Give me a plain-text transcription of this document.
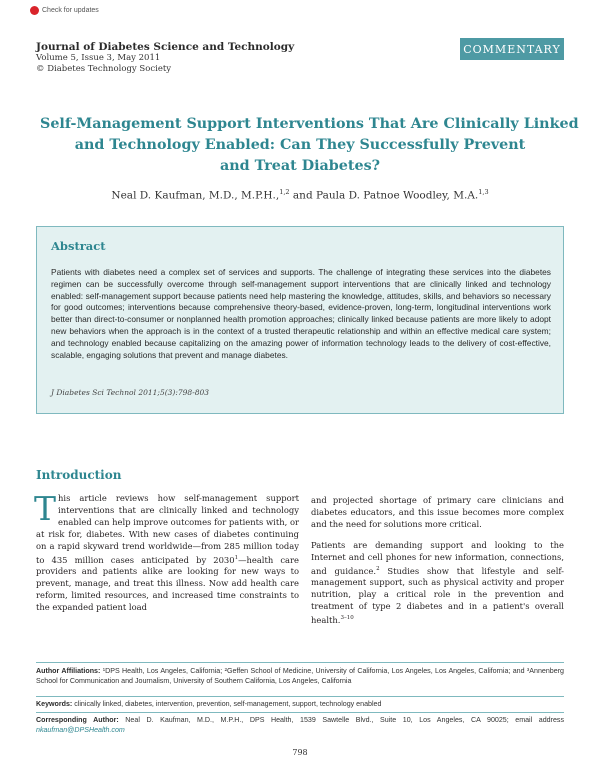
Check for updates
Journal of Diabetes Science and Technology
Volume 5, Issue 3, May 2011
© Diabetes Technology Society
COMMENTARY
Self-Management Support Interventions That Are Clinically Linked
and Technology Enabled: Can They Successfully Prevent
and Treat Diabetes?
Neal D. Kaufman, M.D., M.P.H.,$^{1,2}$ and Paula D. Patnoe Woodley, M.A.$^{1,3}$
Abstract
Patients with diabetes need a complex set of services and supports. The challenge of integrating these services into the diabetes regimen can be successfully overcome through self-management support interventions that are clinically linked and technology enabled: self-management support because patients need help mastering the knowledge, attitudes, skills, and behaviors so necessary for good outcomes; interventions because comprehensive theory-based, evidence-proven, long-term, longitudinal interventions work better than direct-to-consumer or nonplanned health promotion approaches; clinically linked because patients are more likely to adopt new behaviors when the approach is in the context of a trusted therapeutic relationship and within an effective medical care system; and technology enabled because capitalizing on the amazing power of information technology leads to the delivery of cost-effective, scalable, engaging solutions that prevent and manage diabetes.
J Diabetes Sci Technol 2011;5(3):798-803
Introduction

This article reviews how self-management support interventions that are clinically linked and technology enabled can help improve outcomes for patients with, or at risk for, diabetes. With new cases of diabetes continuing on a rapid skyward trend worldwide—from 285 million today to 435 million cases anticipated by 2030$^1$—health care providers and patients alike are looking for new ways to prevent, manage, and treat this illness. Now add health care reform, limited resources, and increased time constraints to the expanded patient load

and projected shortage of primary care clinicians and diabetes educators, and this issue becomes more complex and the need for solutions more critical.

Patients are demanding support and looking to the Internet and cell phones for new information, connections, and guidance.$^2$ Studies show that lifestyle and self-management support, such as physical activity and proper nutrition, play a critical role in the prevention and treatment of type 2 diabetes and in a patient's overall health.$^{3-10}$

Author Affiliations: ¹DPS Health, Los Angeles, California; ²Geffen School of Medicine, University of California, Los Angeles, Los Angeles, California; and ³Annenberg School for Communication and Journalism, University of Southern California, Los Angeles, California
Keywords: clinically linked, diabetes, intervention, prevention, self-management, support, technology enabled
Corresponding Author: Neal D. Kaufman, M.D., M.P.H., DPS Health, 1539 Sawtelle Blvd., Suite 10, Los Angeles, CA 90025; email address nkaufman@DPSHealth.com
798
